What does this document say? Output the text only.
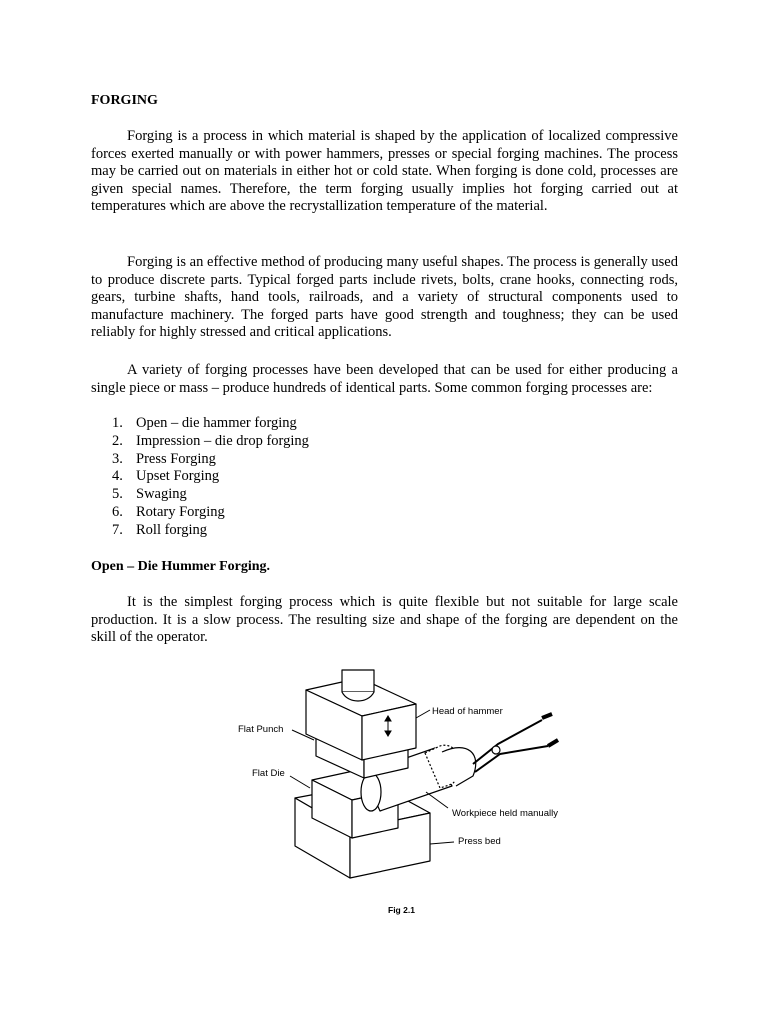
FORGING

Forging is a process in which material is shaped by the application of localized compressive forces exerted manually or with power hammers, presses or special forging machines. The process may be carried out on materials in either hot or cold state. When forging is done cold, processes are given special names. Therefore, the term forging usually implies hot forging carried out at temperatures which are above the recrystallization temperature of the material.

Forging is an effective method of producing many useful shapes. The process is generally used to produce discrete parts. Typical forged parts include rivets, bolts, crane hooks, connecting rods, gears, turbine shafts, hand tools, railroads, and a variety of structural components used to manufacture machinery. The forged parts have good strength and toughness; they can be used reliably for highly stressed and critical applications.

A variety of forging processes have been developed that can be used for either producing a single piece or mass – produce hundreds of identical parts. Some common forging processes are:

1. Open – die hammer forging
2. Impression – die drop forging
3. Press Forging
4. Upset Forging
5. Swaging
6. Rotary Forging
7. Roll forging
Open – Die Hummer Forging.

It is the simplest forging process which is quite flexible but not suitable for large scale production. It is a slow process. The resulting size and shape of the forging are dependent on the skill of the operator.

Flat Punch
Flat Die
Head of hammer
Workpiece held manually
Press bed
Fig 2.1
